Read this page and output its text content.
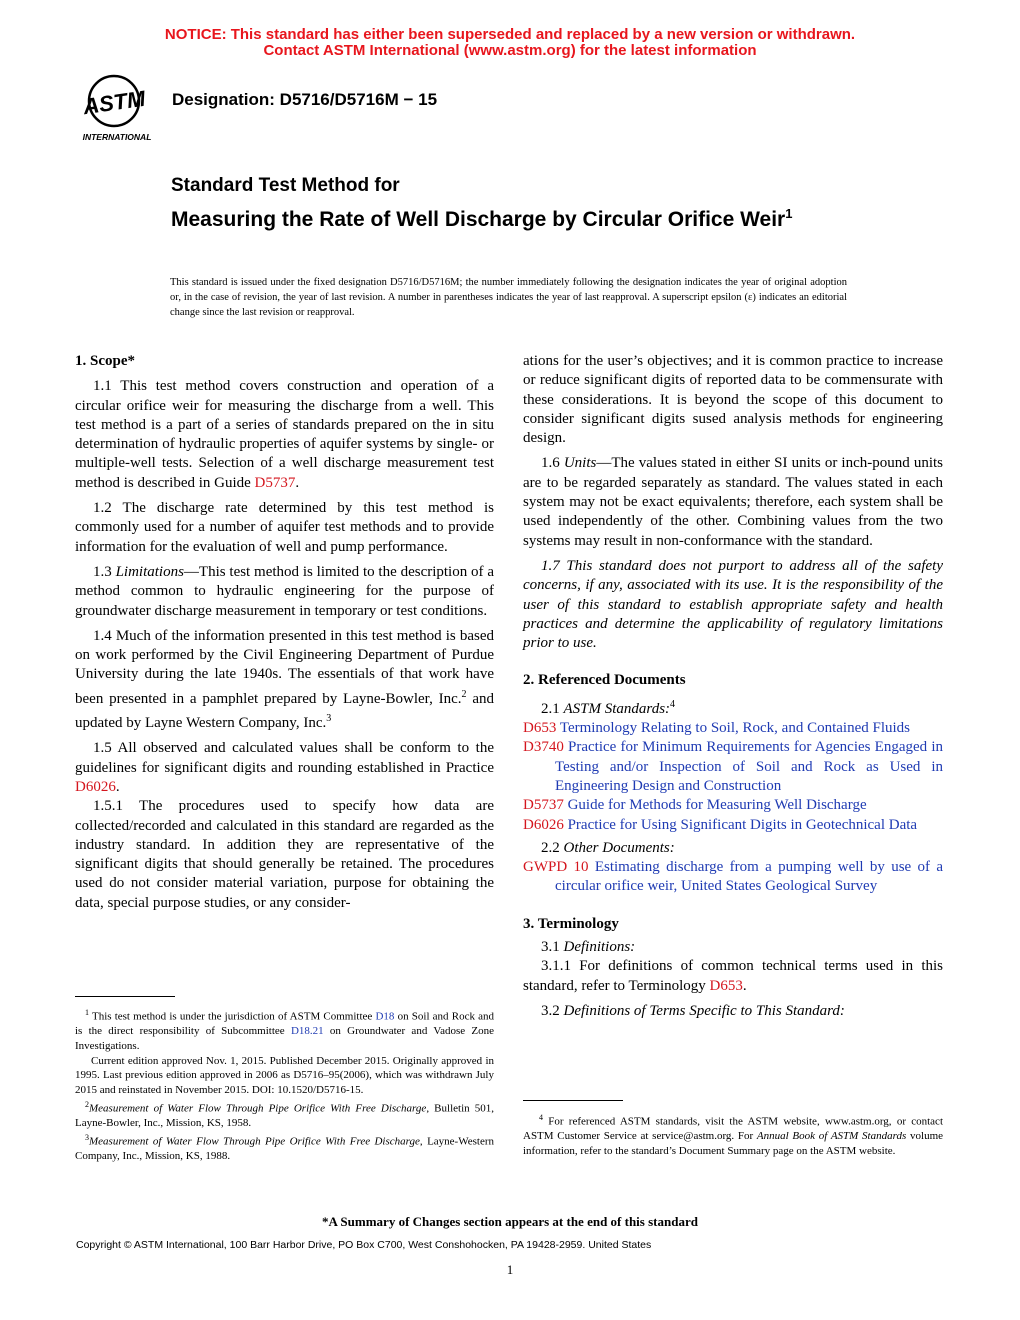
NOTICE: This standard has either been superseded and replaced by a new version or withdrawn.
Contact ASTM International (www.astm.org) for the latest information
ASTM
INTERNATIONAL
Designation: D5716/D5716M − 15
Standard Test Method for
Measuring the Rate of Well Discharge by Circular Orifice Weir$^1$
This standard is issued under the fixed designation D5716/D5716M; the number immediately following the designation indicates the year of original adoption or, in the case of revision, the year of last revision. A number in parentheses indicates the year of last reapproval. A superscript epsilon (ε) indicates an editorial change since the last revision or reapproval.
1. Scope*

1.1 This test method covers construction and operation of a circular orifice weir for measuring the discharge from a well. This test method is a part of a series of standards prepared on the in situ determination of hydraulic properties of aquifer systems by single- or multiple-well tests. Selection of a well discharge measurement test method is described in Guide D5737.

1.2 The discharge rate determined by this test method is commonly used for a number of aquifer test methods and to provide information for the evaluation of well and pump performance.

1.3 Limitations—This test method is limited to the description of a method common to hydraulic engineering for the purpose of groundwater discharge measurement in temporary or test conditions.

1.4 Much of the information presented in this test method is based on work performed by the Civil Engineering Department of Purdue University during the late 1940s. The essentials of that work have been presented in a pamphlet prepared by Layne-Bowler, Inc.$^2$ and updated by Layne Western Company, Inc.$^3$

1.5 All observed and calculated values shall be conform to the guidelines for significant digits and rounding established in Practice D6026.

1.5.1 The procedures used to specify how data are collected/recorded and calculated in this standard are regarded as the industry standard. In addition they are representative of the significant digits that should generally be retained. The procedures used do not consider material variation, purpose for obtaining the data, special purpose studies, or any consider-

$^1$ This test method is under the jurisdiction of ASTM Committee D18 on Soil and Rock and is the direct responsibility of Subcommittee D18.21 on Groundwater and Vadose Zone Investigations.

Current edition approved Nov. 1, 2015. Published December 2015. Originally approved in 1995. Last previous edition approved in 2006 as D5716–95(2006), which was withdrawn July 2015 and reinstated in November 2015. DOI: 10.1520/D5716-15.

$^2$Measurement of Water Flow Through Pipe Orifice With Free Discharge, Bulletin 501, Layne-Bowler, Inc., Mission, KS, 1958.

$^3$Measurement of Water Flow Through Pipe Orifice With Free Discharge, Layne-Western Company, Inc., Mission, KS, 1988.

ations for the user’s objectives; and it is common practice to increase or reduce significant digits of reported data to be commensurate with these considerations. It is beyond the scope of this document to consider significant digits sused analysis methods for engineering design.

1.6 Units—The values stated in either SI units or inch-pound units are to be regarded separately as standard. The values stated in each system may not be exact equivalents; therefore, each system shall be used independently of the other. Combining values from the two systems may result in non-conformance with the standard.

1.7 This standard does not purport to address all of the safety concerns, if any, associated with its use. It is the responsibility of the user of this standard to establish appropriate safety and health practices and determine the applicability of regulatory limitations prior to use.

2. Referenced Documents

2.1 ASTM Standards:$^4$

D653 Terminology Relating to Soil, Rock, and Contained Fluids

D3740 Practice for Minimum Requirements for Agencies Engaged in Testing and/or Inspection of Soil and Rock as Used in Engineering Design and Construction

D5737 Guide for Methods for Measuring Well Discharge

D6026 Practice for Using Significant Digits in Geotechnical Data

2.2 Other Documents:

GWPD 10 Estimating discharge from a pumping well by use of a circular orifice weir, United States Geological Survey

3. Terminology

3.1 Definitions:

3.1.1 For definitions of common technical terms used in this standard, refer to Terminology D653.

3.2 Definitions of Terms Specific to This Standard:

$^4$ For referenced ASTM standards, visit the ASTM website, www.astm.org, or contact ASTM Customer Service at service@astm.org. For Annual Book of ASTM Standards volume information, refer to the standard’s Document Summary page on the ASTM website.

*A Summary of Changes section appears at the end of this standard
Copyright © ASTM International, 100 Barr Harbor Drive, PO Box C700, West Conshohocken, PA 19428-2959. United States
1
